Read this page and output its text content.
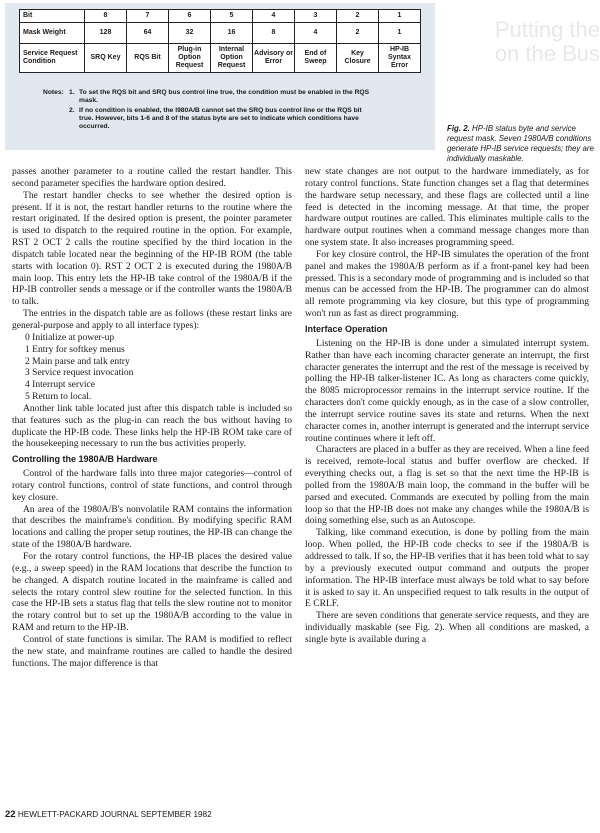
Putting the
on the Bus
Bit	8	7	6	5	4	3	2	1
Mask Weight	128	64	32	16	8	4	2	1
Service Request Condition	SRQ Key	RQS Bit	Plug-in Option Request	Internal Option Request	Advisory or Error	End of Sweep	Key Closure	HP-IB Syntax Error
Notes: 1. To set the RQS bit and SRQ bus control line true, the condition must be enabled in the RQS mask.
2. If no condition is enabled, the I980A/B cannot set the SRQ bus control line or the RQS bit true. However, bits 1-6 and 8 of the status byte are set to indicate which conditions have occurred.	Fig. 2. HP-IB status byte and service request mask. Seven 1980A/B conditions generate HP-IB service requests; they are individually maskable.

passes another parameter to a routine called the restart handler. This second parameter specifies the hardware option desired.

The restart handler checks to see whether the desired option is present. If it is not, the restart handler returns to the routine where the restart originated. If the desired option is present, the pointer parameter is used to dispatch to the required routine in the option. For example, RST 2 OCT 2 calls the routine specified by the third location in the dispatch table located near the beginning of the HP-IB ROM (the table starts with location 0). RST 2 OCT 2 is executed during the 1980A/B main loop. This entry lets the HP-IB take control of the 1980A/B if the HP-IB controller sends a message or if the controller wants the 1980A/B to talk.

The entries in the dispatch table are as follows (these restart links are general-purpose and apply to all interface types):

0 Initialize at power-up
1 Entry for softkey menus
2 Main parse and talk entry
3 Service request invocation
4 Interrupt service
5 Return to local.

Another link table located just after this dispatch table is included so that features such as the plug-in can reach the bus without having to duplicate the HP-IB code. These links help the HP-IB ROM take care of the housekeeping necessary to run the bus activities properly.

Controlling the 1980A/B Hardware

Control of the hardware falls into three major categories—control of rotary control functions, control of state functions, and control through key closure.

An area of the 1980A/B's nonvolatile RAM contains the information that describes the mainframe's condition. By modifying specific RAM locations and calling the proper setup routines, the HP-IB can change the state of the 1980A/B hardware.

For the rotary control functions, the HP-IB places the desired value (e.g., a sweep speed) in the RAM locations that describe the function to be changed. A dispatch routine located in the mainframe is called and selects the rotary control slew routine for the selected function. In this case the HP-IB sets a status flag that tells the slew routine not to monitor the rotary control but to set up the 1980A/B according to the value in RAM and return to the HP-IB.

Control of state functions is similar. The RAM is modified to reflect the new state, and mainframe routines are called to handle the desired functions. The major difference is that

new state changes are not output to the hardware immediately, as for rotary control functions. State function changes set a flag that determines the hardware setup necessary, and these flags are collected until a line feed is detected in the incoming message. At that time, the proper hardware output routines are called. This eliminates multiple calls to the hardware output routines when a command message changes more than one system state. It also increases programming speed.

For key closure control, the HP-IB simulates the operation of the front panel and makes the 1980A/B perform as if a front-panel key had been pressed. This is a secondary mode of programming and is included so that menus can be accessed from the HP-IB. The programmer can do almost all remote programming via key closure, but this type of programming won't run as fast as direct programming.

Interface Operation

Listening on the HP-IB is done under a simulated interrupt system. Rather than have each incoming character generate an interrupt, the first character generates the interrupt and the rest of the message is received by polling the HP-IB talker-listener IC. As long as characters come quickly, the 8085 microprocessor remains in the interrupt service routine. If the characters don't come quickly enough, as in the case of a slow controller, the interrupt service routine saves its state and returns. When the next character comes in, another interrupt is generated and the interrupt service routine continues where it left off.

Characters are placed in a buffer as they are received. When a line feed is received, remote-local status and buffer overflow are checked. If everything checks out, a flag is set so that the next time the HP-IB is polled from the 1980A/B main loop, the command in the buffer will be parsed and executed. Commands are executed by polling from the main loop so that the HP-IB does not make any changes while the 1980A/B is doing something else, such as an Autoscope.

Talking, like command execution, is done by polling from the main loop. When polled, the HP-IB code checks to see if the 1980A/B is addressed to talk. If so, the HP-IB verifies that it has been told what to say by a previously executed output command and outputs the proper information. The HP-IB interface must always be told what to say before it is asked to say it. An unspecified request to talk results in the output of E CRLF.

There are seven conditions that generate service requests, and they are individually maskable (see Fig. 2). When all conditions are masked, a single byte is available during a

22 HEWLETT-PACKARD JOURNAL SEPTEMBER 1982
